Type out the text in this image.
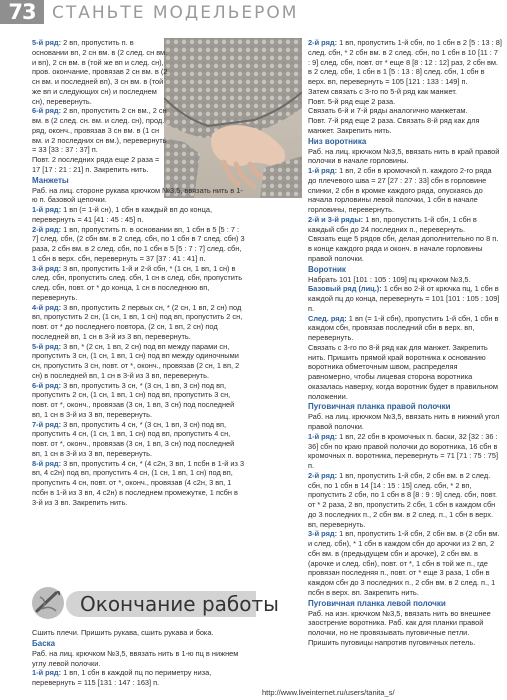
73 СТАНЬТЕ МОДЕЛЬЕРОМ

5-й ряд: 2 вп, пропустить п. в основании вп, 2 сн вм. в (2 след. сн вм. и вп), 2 сн вм. в (той же вп и след. сн), пров. окончание, провязав 2 сн вм. в (2 сн вм. и последней вп), 3 сн вм. в (той же вп и следующих сн) и последнем сн), перевернуть.

6-й ряд: 2 вп, пропустить 2 сн вм., 2 сн вм. в (2 след. сн. вм. и след. сн), прод. ряд, оконч., провязав 3 сн вм. в (1 сн вм. и 2 последних сн вм.), перевернуть = 33 [33 : 37 : 37] п.

Повт. 2 последних ряда еще 2 раза = 17 [17 : 21 : 21] п. Закрепить нить.

Манжеты

Раб. на лиц. стороне рукава крючком №3,5, ввязать нить в 1-ю п. базовой цепочки.

1-й ряд: 1 вп (= 1-й сн), 1 сбн в каждый вп до конца, перевернуть = 41 [41 : 45 : 45] п.

2-й ряд: 1 вп, пропустить п. в основании вп, 1 сбн в 5 [5 : 7 : 7] след. сбн, (2 сбн вм. в 2 след. сбн, по 1 сбн в 7 след. сбн) 3 раза, 2 сбн вм. в 2 след. сбн, по 1 сбн в 5 [5 : 7 : 7] след. сбн, 1 сбн в верх. сбн, перевернуть = 37 [37 : 41 : 41] п.

3-й ряд: 3 вп, пропустить 1-й и 2-й сбн, * (1 сн, 1 вп, 1 сн) в след. сбн, пропустить след. сбн, 1 сн в след. сбн, пропустить след. сбн, повт. от * до конца, 1 сн в последнюю вп, перевернуть.

4-й ряд: 3 вп, пропустить 2 первых сн, * (2 сн, 1 вп, 2 сн) под вп, пропустить 2 сн, (1 сн, 1 вп, 1 сн) под вп, пропустить 2 сн, повт. от * до последнего повтора, (2 сн, 1 вп, 2 сн) под последней вп, 1 сн в 3-й из 3 вп, перевернуть.

5-й ряд: 3 вп, * (2 сн, 1 вп, 2 сн) под вп между парами сн, пропустить 3 сн, (1 сн, 1 вп, 1 сн) под вп между одиночными сн, пропустить 3 сн, повт. от *, оконч., провязав (2 сн, 1 вп, 2 сн) в последней вп, 1 сн в 3-й из 3 вп, перевернуть.

6-й ряд: 3 вп, пропустить 3 сн, * (3 сн, 1 вп, 3 сн) под вп, пропустить 2 сн, (1 сн, 1 вп, 1 сн) под вп, пропустить 3 сн, повт. от *, оконч., провязав (3 сн, 1 вп, 3 сн) под последней вп, 1 сн в 3-й из 3 вп, перевернуть.

7-й ряд: 3 вп, пропустить 4 сн, * (3 сн, 1 вп, 3 сн) под вп, пропустить 4 сн, (1 сн, 1 вп, 1 сн) под вп, пропустить 4 сн, повт. от *, оконч., провязав (3 сн, 1 вп, 3 сн) под последней вп, 1 сн в 3-й из 3 вп, перевернуть.

8-й ряд: 3 вп, пропустить 4 сн, * (4 с2н, 3 вп, 1 псбн в 1-й из 3 вп, 4 с2н) под вп, пропустить 4 сн, (1 сн, 1 вп, 1 сн) под вп, пропустить 4 сн, повт. от *, оконч., провязав (4 с2н, 3 вп, 1 псбн в 1-й из 3 вп, 4 с2н) в последнем промежутке, 1 псбн в 3-й из 3 вп. Закрепить нить.

Окончание работы

Сшить плечи. Пришить рукава, сшить рукава и бока.

Баска

Раб. на лиц. крючком №3,5, ввязать нить в 1-ю пц в нижнем углу левой полочки.

1-й ряд: 1 вп, 1 сбн в каждой пц по периметру низа, перевернуть = 115 [131 : 147 : 163] п.

2-й ряд: 1 вп, пропустить 1-й сбн, по 1 сбн в 2 [5 : 13 : 8] след. сбн, * 2 сбн вм. в 2 след. сбн, по 1 сбн в 10 [11 : 7 : 9] след. сбн, повт. от * еще 8 [8 : 12 : 12] раз, 2 сбн вм. в 2 след. сбн, 1 сбн в 1 [5 : 13 : 8] след. сбн, 1 сбн в верх. вп, перевернуть = 105 [121 : 133 : 149] п.

Затем связать с 3-го по 5-й ряд как манжет.

Повт. 5-й ряд еще 2 раза.

Связать 6-й и 7-й ряды аналогично манжетам.

Повт. 7-й ряд еще 2 раза. Связать 8-й ряд как для манжет. Закрепить нить.

Низ воротника

Раб. на лиц. крючком №3,5, ввязать нить в край правой полочки в начале горловины.

1-й ряд: 1 вп, 2 сбн в кромочной п. каждого 2-го ряда до плечевого шва = 27 [27 : 27 : 33] сбн в горловине спинки, 2 сбн в кромке каждого ряда, опускаясь до начала горловины левой полочки, 1 сбн в начале горловины, перевернуть.

2-й и 3-й ряды: 1 вп, пропустить 1-й сбн, 1 сбн в каждый сбн до 24 последних п., перевернуть.

Связать еще 5 рядов сбн, делая дополнительно по 8 п. в конце каждого ряда и оконч. в начале горловины правой полочки.

Воротник

Набрать 101 [101 : 105 : 109] пц крючком №3,5.

Базовый ряд (лиц.): 1 сбн во 2-й от крючка пц, 1 сбн в каждой пц до конца, перевернуть = 101 [101 : 105 : 109] п.

След. ряд: 1 вп (= 1-й сбн), пропустить 1-й сбн, 1 сбн в каждом сбн, провязав последний сбн в верх. вп, перевернуть.

Связать с 3-го по 8-й ряд как для манжет. Закрепить нить. Пришить прямой край воротника к основанию воротника обметочным швом, распределяя равномерно, чтобы лицевая сторона воротника оказалась наверху, когда воротник будет в правильном положении.

Пуговичная планка правой полочки

Раб. на лиц. крючком №3,5, ввязать нить в нижний угол правой полочки.

1-й ряд: 1 вп, 22 сбн в кромочных п. баски, 32 [32 : 36 : 36] сбн по краю правой полочки до воротника, 16 сбн в кромочных п. воротника, перевернуть = 71 [71 : 75 : 75] п.

2-й ряд: 1 вп, пропустить 1-й сбн, 2 сбн вм. в 2 след. сбн, по 1 сбн в 14 [14 : 15 : 15] след. сбн, * 2 вп, пропустить 2 сбн, по 1 сбн в 8 [8 : 9 : 9] след. сбн, повт. от * 2 раза, 2 вп, пропустить 2 сбн, 1 сбн в каждом сбн до 3 последних п., 2 сбн вм. в 2 след. п., 1 сбн в верх. вп, перевернуть.

3-й ряд: 1 вп, пропустить 1-й сбн, 2 сбн вм. в (2 сбн вм. и след. сбн), * 1 сбн в каждом сбн до арочки из 2 вп, 2 сбн вм. в (предыдущем сбн и арочке), 2 сбн вм. в (арочке и след. сбн), повт. от *, 1 сбн в той же п., где провязан последняя п., повт. от * еще 3 раза, 1 сбн в каждом сбн до 3 последних п., 2 сбн вм. в 2 след. п., 1 псбн в верх. вп. Закрепить нить.

Пуговичная планка левой полочки

Раб. на изн. крючком №3,5, ввязать нить во внешнее заострение воротника. Раб. как для планки правой полочки, но не провязывать пуговичные петли.

Пришить пуговицы напротив пуговичных петель.

http://www.liveinternet.ru/users/tanita_s/
